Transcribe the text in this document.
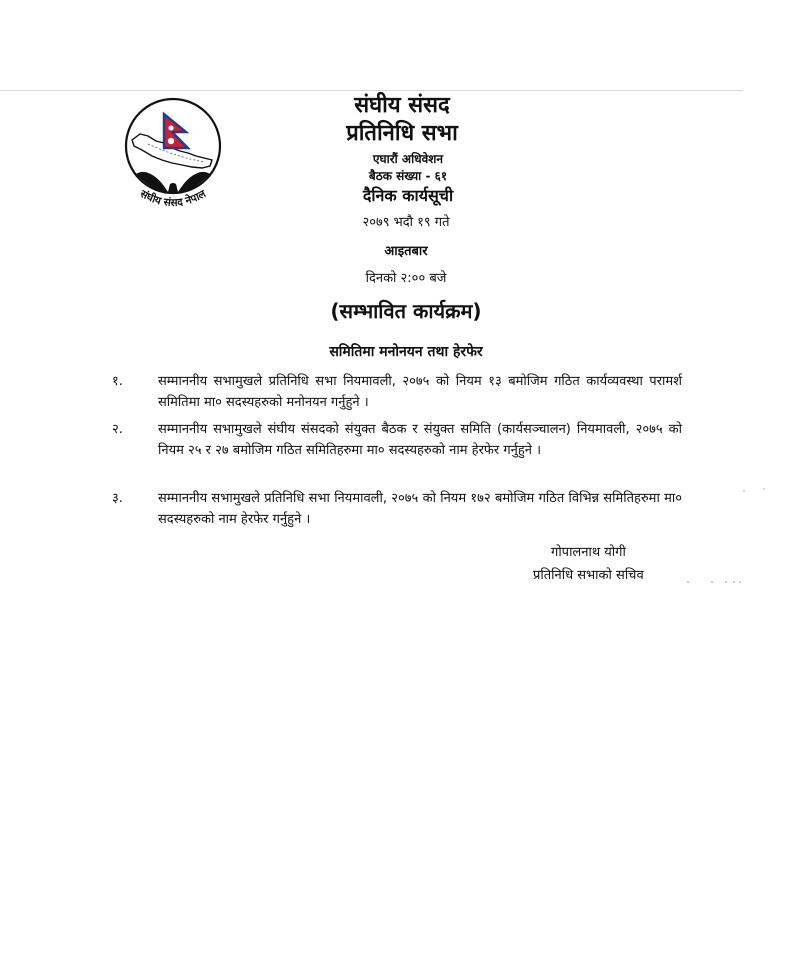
संघीय संसद नेपाल
संघीय संसद
प्रतिनिधि सभा
एघारौं अधिवेशन
बैठक संख्या - ६१
दैनिक कार्यसूची
२०७९ भदौ १९ गते
आइतबार
दिनको २:०० बजे
(सम्भावित कार्यक्रम)
समितिमा मनोनयन तथा हेरफेर
१.	सम्माननीय सभामुखले प्रतिनिधि सभा नियमावली, २०७५ को नियम १३ बमोजिम गठित कार्यव्यवस्था परामर्श समितिमा मा० सदस्यहरुको मनोनयन गर्नुहुने ।
२.	सम्माननीय सभामुखले संघीय संसदको संयुक्त बैठक र संयुक्त समिति (कार्यसञ्चालन) नियमावली, २०७५ को नियम २५ र २७ बमोजिम गठित समितिहरुमा मा० सदस्यहरुको नाम हेरफेर गर्नुहुने ।
३.	सम्माननीय सभामुखले प्रतिनिधि सभा नियमावली, २०७५ को नियम १७२ बमोजिम गठित विभिन्न समितिहरुमा मा० सदस्यहरुको नाम हेरफेर गर्नुहुने ।
गोपालनाथ योगी
प्रतिनिधि सभाको सचिव
